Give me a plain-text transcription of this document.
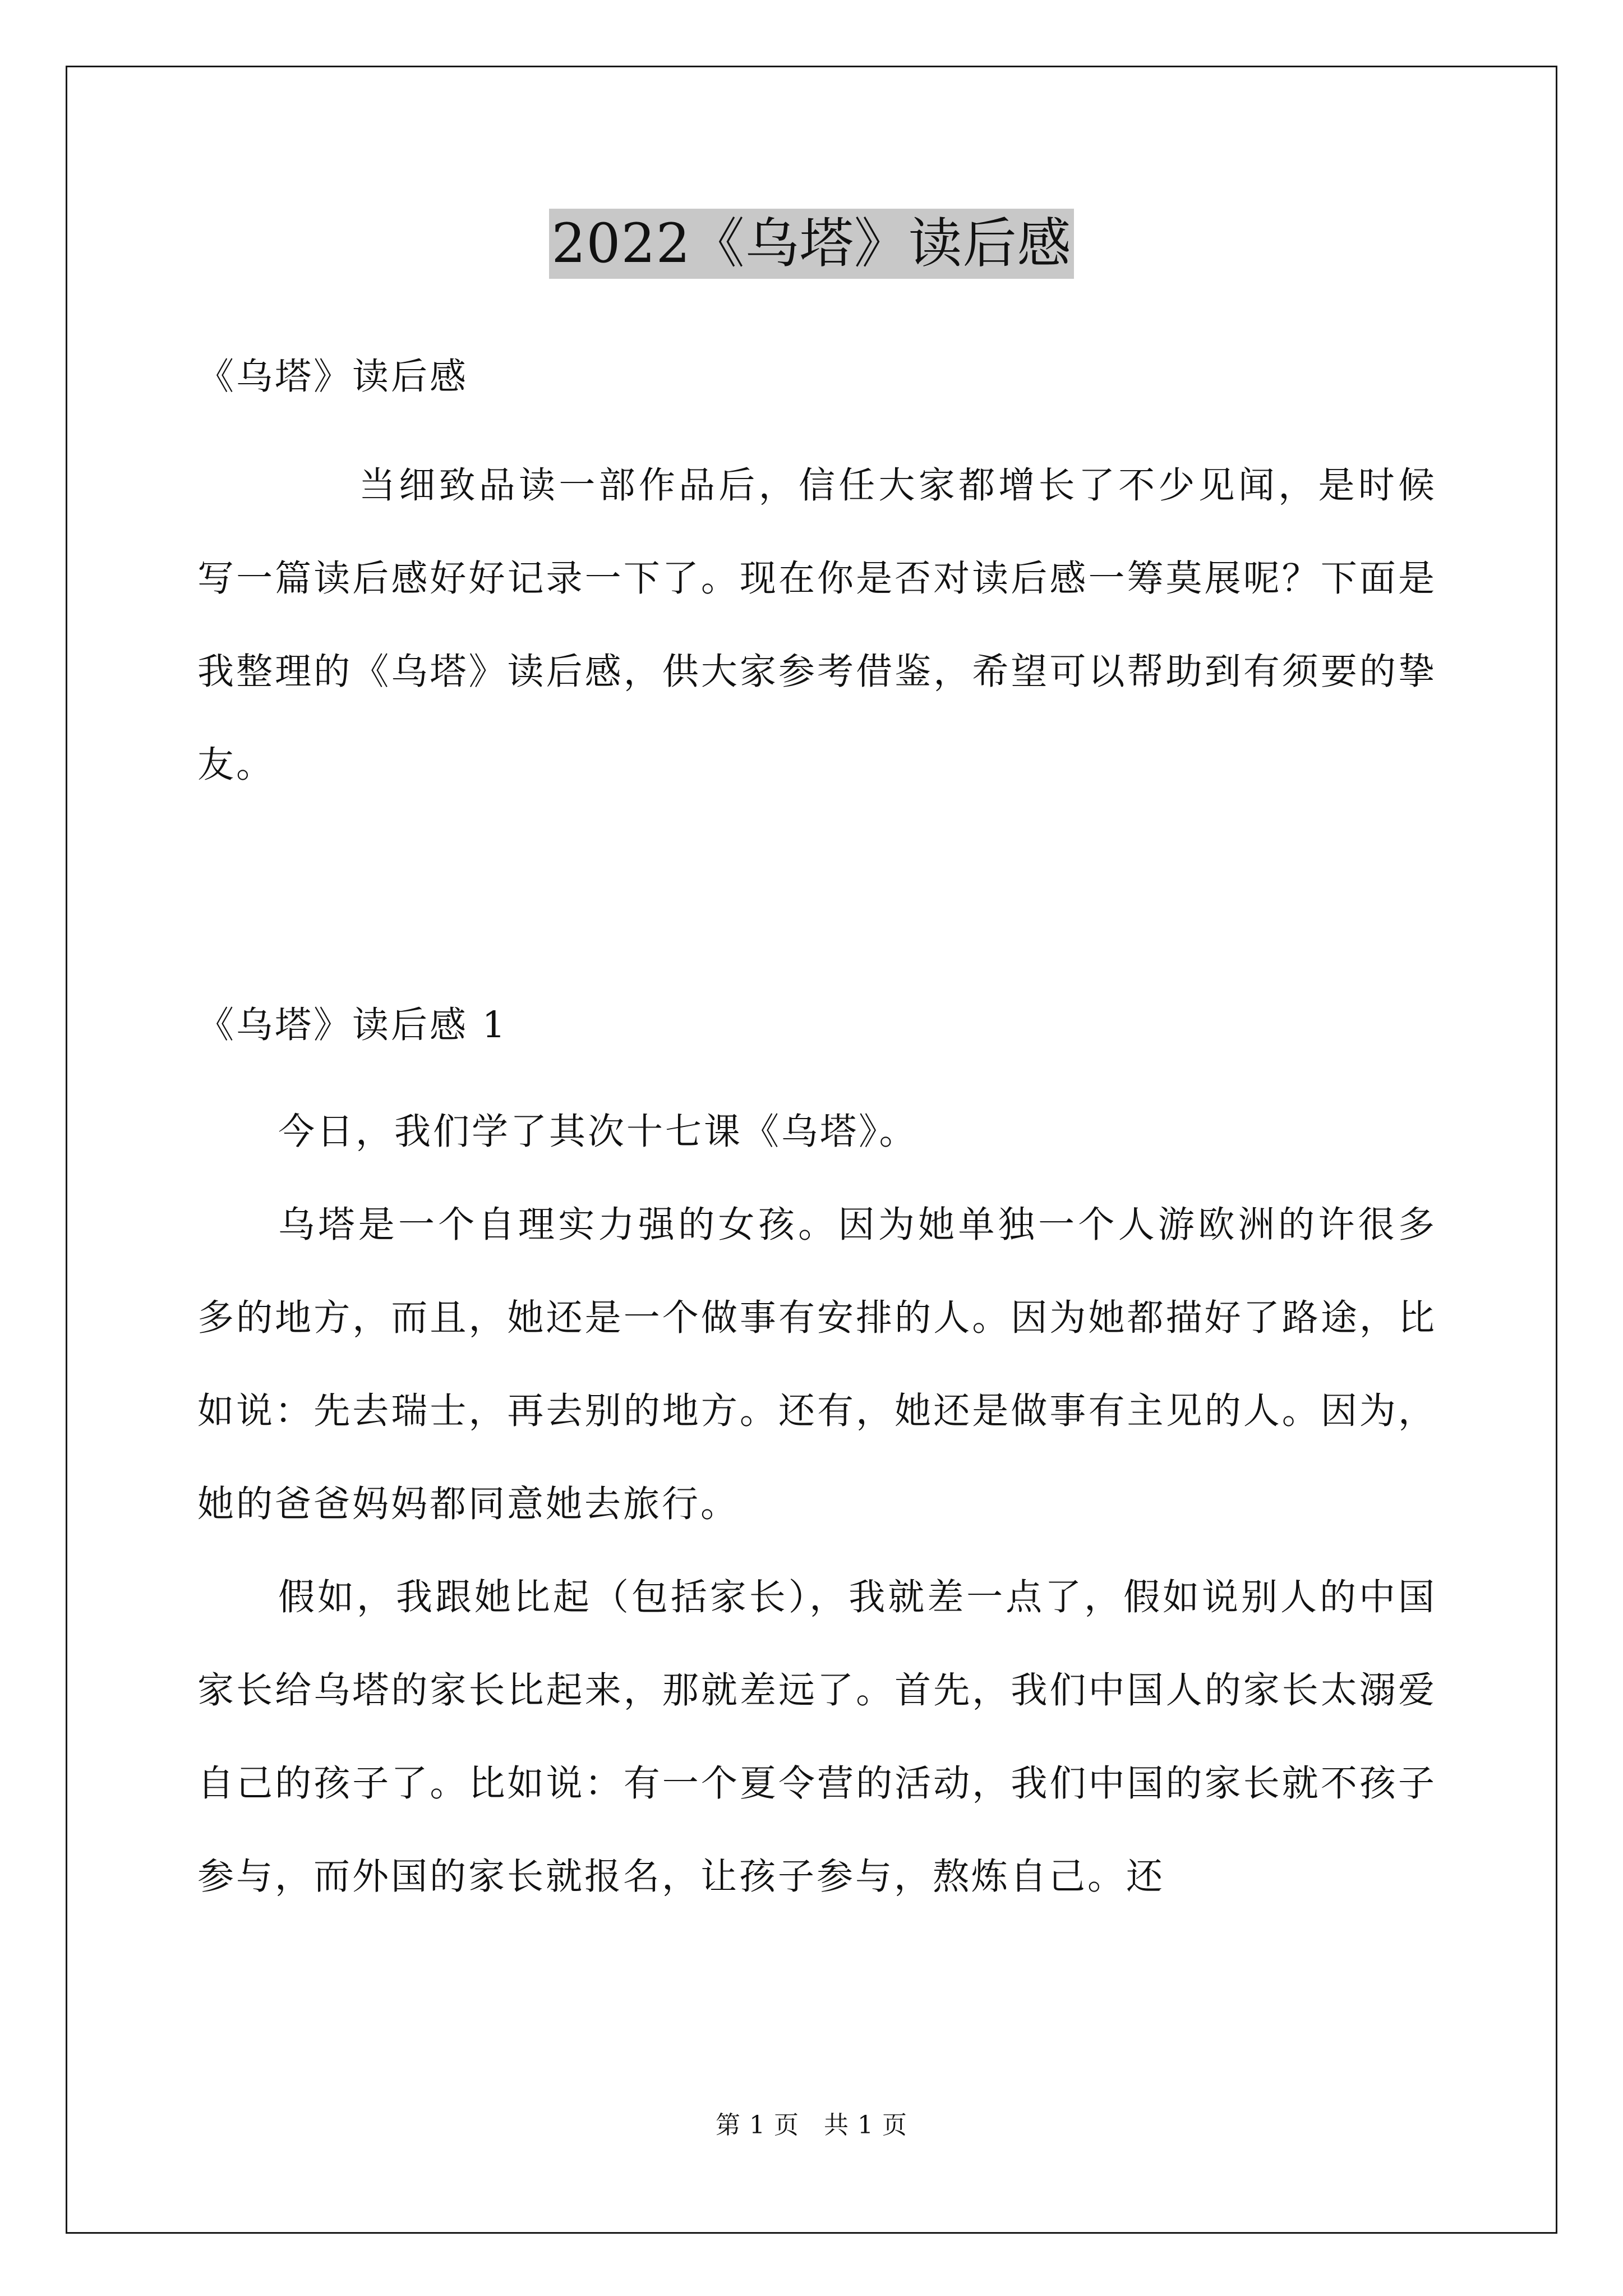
2022《乌塔》读后感
《乌塔》读后感

当细致品读一部作品后，信任大家都增长了不少见闻，是时候写一篇读后感好好记录一下了。现在你是否对读后感一筹莫展呢？下面是我整理的《乌塔》读后感，供大家参考借鉴，希望可以帮助到有须要的挚友。

《乌塔》读后感 1

今日，我们学了其次十七课《乌塔》。

乌塔是一个自理实力强的女孩。因为她单独一个人游欧洲的许很多多的地方，而且，她还是一个做事有安排的人。因为她都描好了路途，比如说：先去瑞士，再去别的地方。还有，她还是做事有主见的人。因为，她的爸爸妈妈都同意她去旅行。

假如，我跟她比起（包括家长），我就差一点了，假如说别人的中国家长给乌塔的家长比起来，那就差远了。首先，我们中国人的家长太溺爱自己的孩子了。比如说：有一个夏令营的活动，我们中国的家长就不孩子参与，而外国的家长就报名，让孩子参与，熬炼自己。还

第 1 页 共 1 页
